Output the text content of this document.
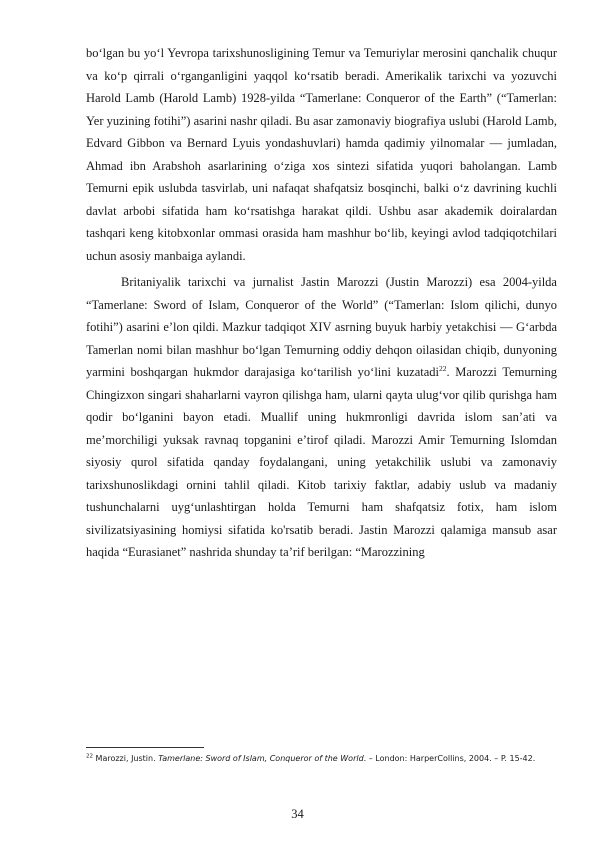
bo‘lgan bu yo‘l Yevropa tarixshunosligining Temur va Temuriylar merosini qanchalik chuqur va ko‘p qirrali o‘rganganligini yaqqol ko‘rsatib beradi. Amerikalik tarixchi va yozuvchi Harold Lamb (Harold Lamb) 1928-yilda “Tamerlane: Conqueror of the Earth” (“Tamerlan: Yer yuzining fotihi”) asarini nashr qiladi. Bu asar zamonaviy biografiya uslubi (Harold Lamb, Edvard Gibbon va Bernard Lyuis yondashuvlari) hamda qadimiy yilnomalar — jumladan, Ahmad ibn Arabshoh asarlarining o‘ziga xos sintezi sifatida yuqori baholangan. Lamb Temurni epik uslubda tasvirlab, uni nafaqat shafqatsiz bosqinchi, balki o‘z davrining kuchli davlat arbobi sifatida ham ko‘rsatishga harakat qildi. Ushbu asar akademik doiralardan tashqari keng kitobxonlar ommasi orasida ham mashhur bo‘lib, keyingi avlod tadqiqotchilari uchun asosiy manbaiga aylandi.

Britaniyalik tarixchi va jurnalist Jastin Marozzi (Justin Marozzi) esa 2004-yilda “Tamerlane: Sword of Islam, Conqueror of the World” (“Tamerlan: Islom qilichi, dunyo fotihi”) asarini e’lon qildi. Mazkur tadqiqot XIV asrning buyuk harbiy yetakchisi — G‘arbda Tamerlan nomi bilan mashhur bo‘lgan Temurning oddiy dehqon oilasidan chiqib, dunyoning yarmini boshqargan hukmdor darajasiga ko‘tarilish yo‘lini kuzatadi$^{22}$. Marozzi Temurning Chingizxon singari shaharlarni vayron qilishga ham, ularni qayta ulug‘vor qilib qurishga ham qodir bo‘lganini bayon etadi. Muallif uning hukmronligi davrida islom san’ati va me’morchiligi yuksak ravnaq topganini e’tirof qiladi. Marozzi Amir Temurning Islomdan siyosiy qurol sifatida qanday foydalangani, uning yetakchilik uslubi va zamonaviy tarixshunoslikdagi ornini tahlil qiladi. Kitob tarixiy faktlar, adabiy uslub va madaniy tushunchalarni uyg‘unlashtirgan holda Temurni ham shafqatsiz fotix, ham islom sivilizatsiyasining homiysi sifatida ko'rsatib beradi. Jastin Marozzi qalamiga mansub asar haqida “Eurasianet” nashrida shunday ta’rif berilgan: “Marozzining

$^{22}$ Marozzi, Justin. Tamerlane: Sword of Islam, Conqueror of the World. – London: HarperCollins, 2004. – P. 15-42.

34
